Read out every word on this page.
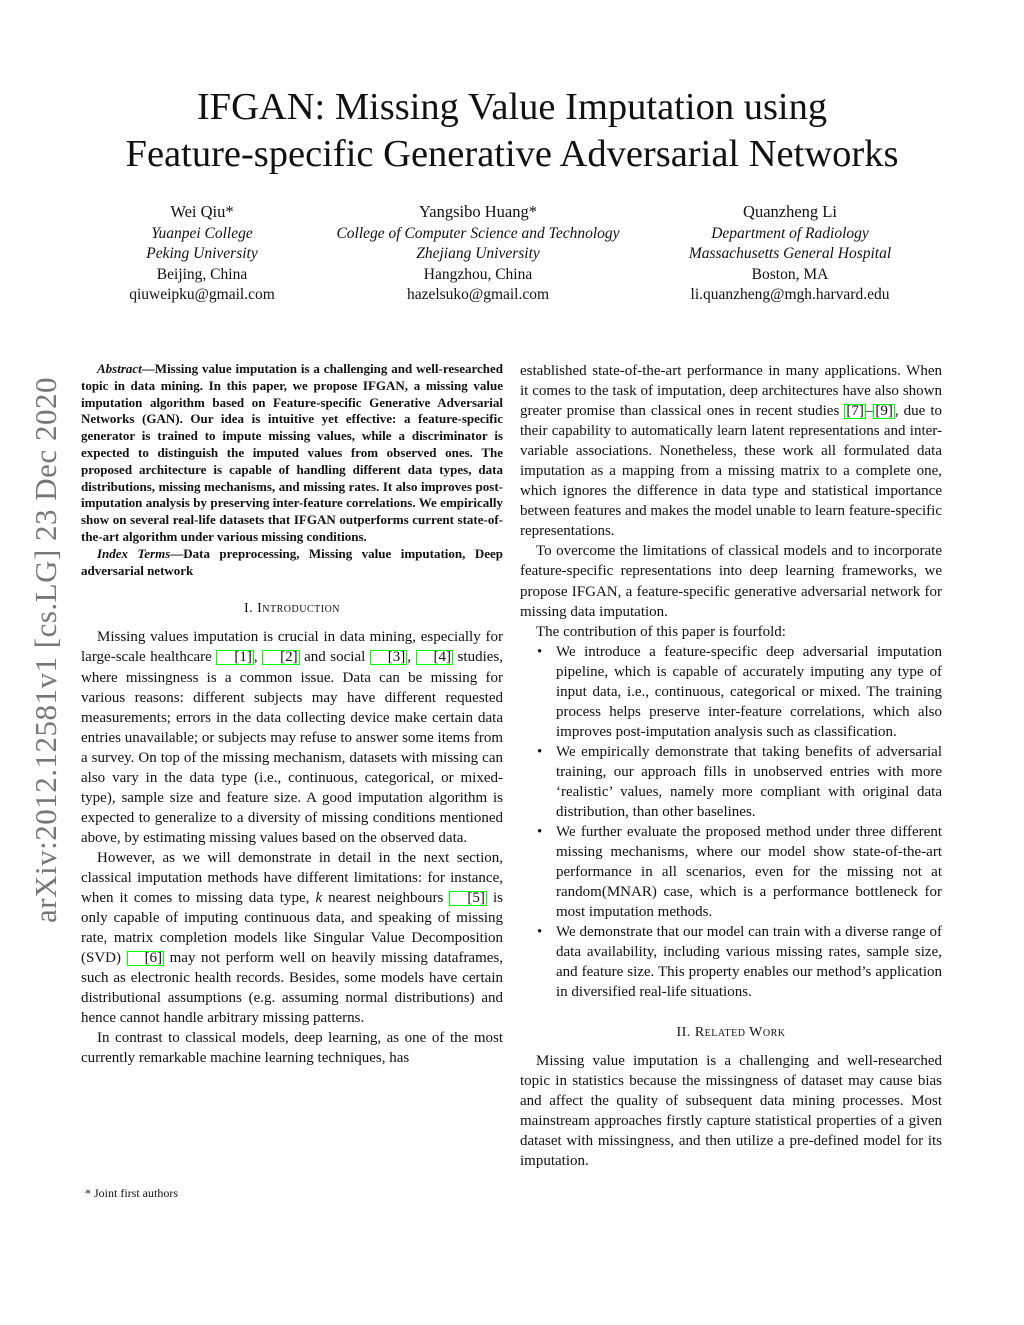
arXiv:2012.12581v1 [cs.LG] 23 Dec 2020
IFGAN: Missing Value Imputation using
Feature-specific Generative Adversarial Networks
Wei Qiu*
Yuanpei College
Peking University
Beijing, China
qiuweipku@gmail.com
Yangsibo Huang*
College of Computer Science and Technology
Zhejiang University
Hangzhou, China
hazelsuko@gmail.com
Quanzheng Li
Department of Radiology
Massachusetts General Hospital
Boston, MA
li.quanzheng@mgh.harvard.edu

Abstract—Missing value imputation is a challenging and well-researched topic in data mining. In this paper, we propose IFGAN, a missing value imputation algorithm based on Feature-specific Generative Adversarial Networks (GAN). Our idea is intuitive yet effective: a feature-specific generator is trained to impute missing values, while a discriminator is expected to distinguish the imputed values from observed ones. The proposed architecture is capable of handling different data types, data distributions, missing mechanisms, and missing rates. It also improves post-imputation analysis by preserving inter-feature correlations. We empirically show on several real-life datasets that IFGAN outperforms current state-of-the-art algorithm under various missing conditions.

Index Terms—Data preprocessing, Missing value imputation, Deep adversarial network

I. Introduction

Missing values imputation is crucial in data mining, especially for large-scale healthcare [1] , [2] and social [3] , [4] studies, where missingness is a common issue. Data can be missing for various reasons: different subjects may have different requested measurements; errors in the data collecting device make certain data entries unavailable; or subjects may refuse to answer some items from a survey. On top of the missing mechanism, datasets with missing can also vary in the data type (i.e., continuous, categorical, or mixed-type), sample size and feature size. A good imputation algorithm is expected to generalize to a diversity of missing conditions mentioned above, by estimating missing values based on the observed data.

However, as we will demonstrate in detail in the next section, classical imputation methods have different limitations: for instance, when it comes to missing data type, k nearest neighbours [5] is only capable of imputing continuous data, and speaking of missing rate, matrix completion models like Singular Value Decomposition (SVD) [6] may not perform well on heavily missing dataframes, such as electronic health records. Besides, some models have certain distributional assumptions (e.g. assuming normal distributions) and hence cannot handle arbitrary missing patterns.

In contrast to classical models, deep learning, as one of the most currently remarkable machine learning techniques, has

established state-of-the-art performance in many applications. When it comes to the task of imputation, deep architectures have also shown greater promise than classical ones in recent studies [7] – [9] , due to their capability to automatically learn latent representations and inter-variable associations. Nonetheless, these work all formulated data imputation as a mapping from a missing matrix to a complete one, which ignores the difference in data type and statistical importance between features and makes the model unable to learn feature-specific representations.

To overcome the limitations of classical models and to incorporate feature-specific representations into deep learning frameworks, we propose IFGAN, a feature-specific generative adversarial network for missing data imputation.

The contribution of this paper is fourfold:

• We introduce a feature-specific deep adversarial imputation pipeline, which is capable of accurately imputing any type of input data, i.e., continuous, categorical or mixed. The training process helps preserve inter-feature correlations, which also improves post-imputation analysis such as classification.
• We empirically demonstrate that taking benefits of adversarial training, our approach fills in unobserved entries with more ‘realistic’ values, namely more compliant with original data distribution, than other baselines.
• We further evaluate the proposed method under three different missing mechanisms, where our model show state-of-the-art performance in all scenarios, even for the missing not at random(MNAR) case, which is a performance bottleneck for most imputation methods.
• We demonstrate that our model can train with a diverse range of data availability, including various missing rates, sample size, and feature size. This property enables our method’s application in diversified real-life situations.
II. Related Work

Missing value imputation is a challenging and well-researched topic in statistics because the missingness of dataset may cause bias and affect the quality of subsequent data mining processes. Most mainstream approaches firstly capture statistical properties of a given dataset with missingness, and then utilize a pre-defined model for its imputation.

* Joint first authors
